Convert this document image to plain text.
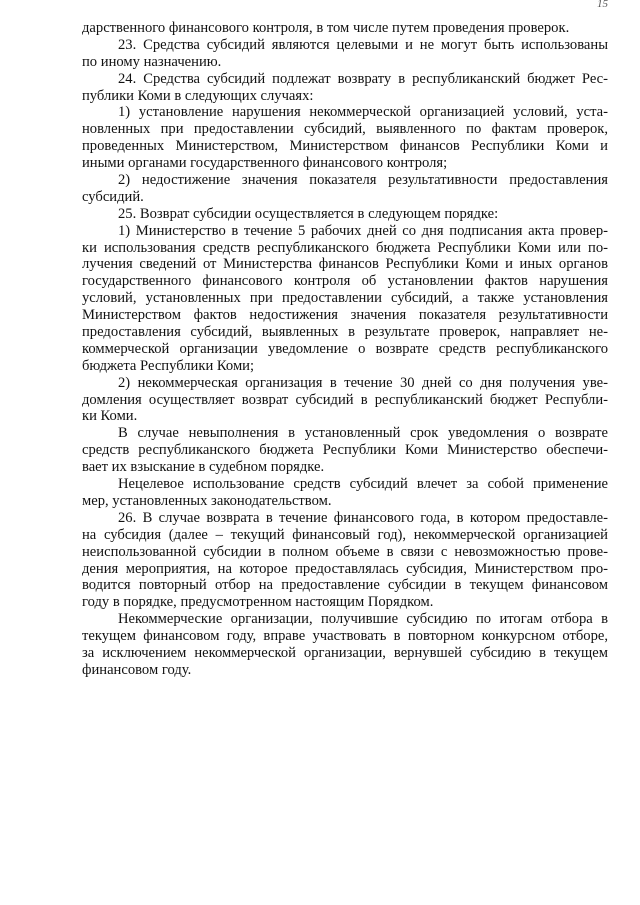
15
дарственного финансового контроля, в том числе путем проведения проверок.
23. Средства субсидий являются целевыми и не могут быть использованы
по иному назначению.
24. Средства субсидий подлежат возврату в республиканский бюджет Рес-
публики Коми в следующих случаях:
1) установление нарушения некоммерческой организацией условий, уста-
новленных при предоставлении субсидий, выявленного по фактам проверок,
проведенных Министерством, Министерством финансов Республики Коми и
иными органами государственного финансового контроля;
2) недостижение значения показателя результативности предоставления
субсидий.
25. Возврат субсидии осуществляется в следующем порядке:
1) Министерство в течение 5 рабочих дней со дня подписания акта провер-
ки использования средств республиканского бюджета Республики Коми или по-
лучения сведений от Министерства финансов Республики Коми и иных органов
государственного финансового контроля об установлении фактов нарушения
условий, установленных при предоставлении субсидий, а также установления
Министерством фактов недостижения значения показателя результативности
предоставления субсидий, выявленных в результате проверок, направляет не-
коммерческой организации уведомление о возврате средств республиканского
бюджета Республики Коми;
2) некоммерческая организация в течение 30 дней со дня получения уве-
домления осуществляет возврат субсидий в республиканский бюджет Республи-
ки Коми.
В случае невыполнения в установленный срок уведомления о возврате
средств республиканского бюджета Республики Коми Министерство обеспечи-
вает их взыскание в судебном порядке.
Нецелевое использование средств субсидий влечет за собой применение
мер, установленных законодательством.
26. В случае возврата в течение финансового года, в котором предоставле-
на субсидия (далее – текущий финансовый год), некоммерческой организацией
неиспользованной субсидии в полном объеме в связи с невозможностью прове-
дения мероприятия, на которое предоставлялась субсидия, Министерством про-
водится повторный отбор на предоставление субсидии в текущем финансовом
году в порядке, предусмотренном настоящим Порядком.
Некоммерческие организации, получившие субсидию по итогам отбора в
текущем финансовом году, вправе участвовать в повторном конкурсном отборе,
за исключением некоммерческой организации, вернувшей субсидию в текущем
финансовом году.
